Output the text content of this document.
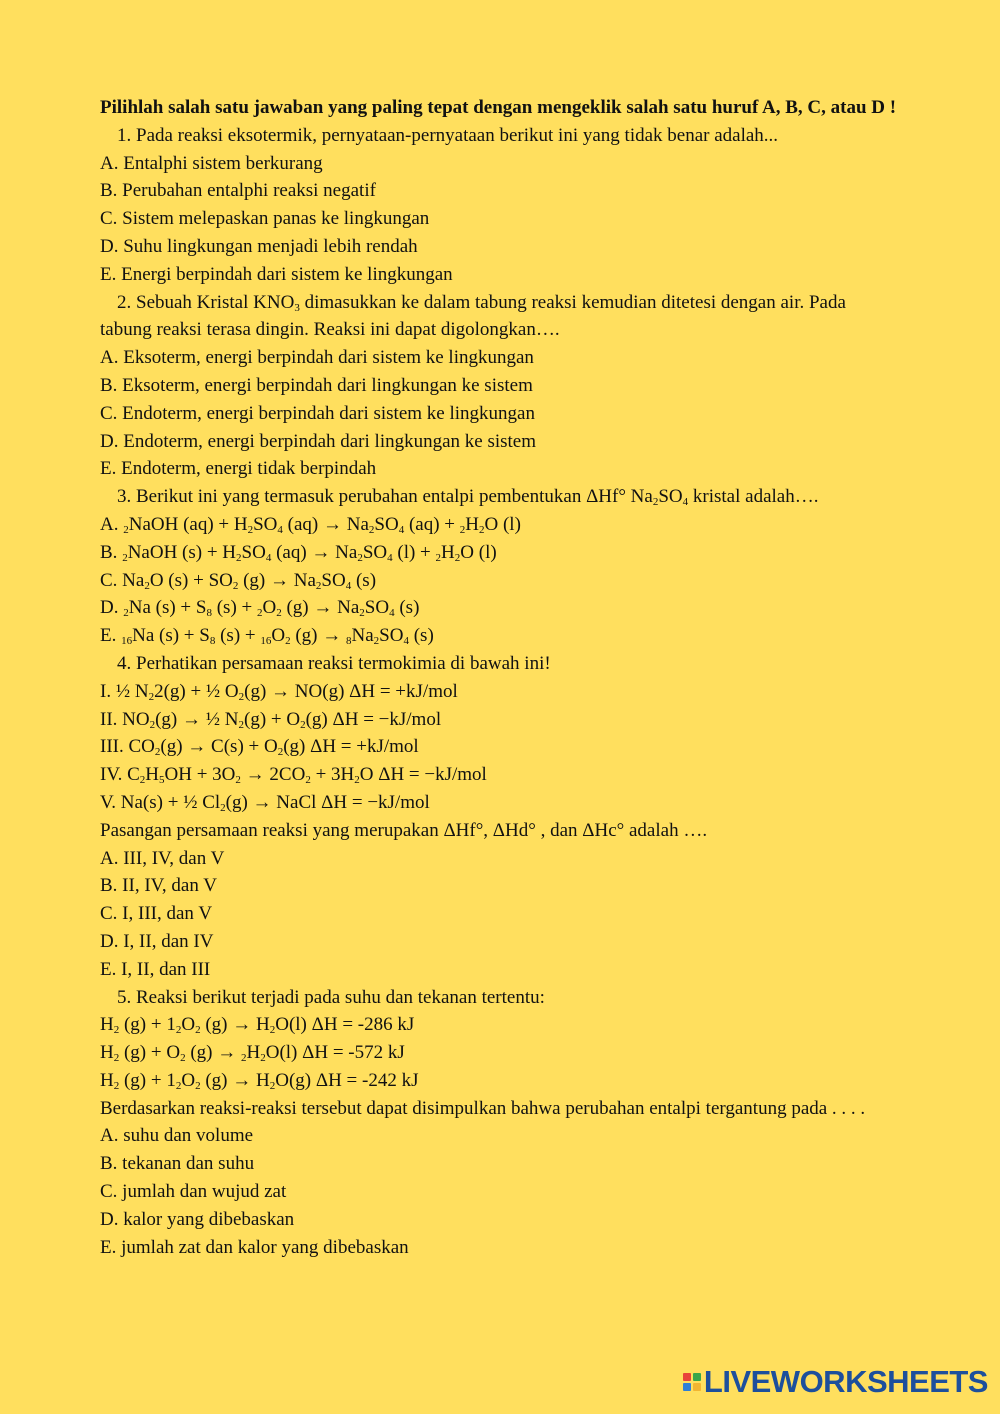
Pilihlah salah satu jawaban yang paling tepat dengan mengeklik salah satu huruf A, B, C, atau D !
1. Pada reaksi eksotermik, pernyataan-pernyataan berikut ini yang tidak benar adalah...
A. Entalphi sistem berkurang
B. Perubahan entalphi reaksi negatif
C. Sistem melepaskan panas ke lingkungan
D. Suhu lingkungan menjadi lebih rendah
E. Energi berpindah dari sistem ke lingkungan
2. Sebuah Kristal $KNO_3$ dimasukkan ke dalam tabung reaksi kemudian ditetesi dengan air. Pada tabung reaksi terasa dingin. Reaksi ini dapat digolongkan….
A. Eksoterm, energi berpindah dari sistem ke lingkungan
B. Eksoterm, energi berpindah dari lingkungan ke sistem
C. Endoterm, energi berpindah dari sistem ke lingkungan
D. Endoterm, energi berpindah dari lingkungan ke sistem
E. Endoterm, energi tidak berpindah
3. Berikut ini yang termasuk perubahan entalpi pembentukan ΔHf° $Na_2SO_4$ kristal adalah….
A. $_2$NaOH $(aq) + H_2SO_4$ $(aq) \to Na_2SO_4$ $(aq) + _2H_2O$ (l)
B. $_2$NaOH $(s) + H_2SO_4$ $(aq) \to Na_2SO_4$ $(l) + _2H_2O$ (l)
C. $Na_2O$ $(s) + SO_2$ $(g) \to Na_2SO_4$ (s)
D. $_2$Na $(s) + S_8$ $(s) + _2O_2$ $(g) \to Na_2SO_4$ (s)
E. $_{16}$Na $(s) + S_8$ $(s) + _{16}O_2$ $(g) \to _8Na_2SO_4$ (s)
4. Perhatikan persamaan reaksi termokimia di bawah ini!
I. ½ $N_22(g)$ + ½ $O_2(g) \to NO(g) \Delta H = +kJ/mol$
II. $NO_2(g)$ → ½ $N_2(g) + O_2(g) \Delta H = -kJ/mol$
III. $CO_2(g) \to C(s) + O_2(g) \Delta H = +kJ/mol$
IV. $C_2H_5OH + 3O_2 \to 2CO_2 + 3H_2O$ ΔH = −kJ/mol
V. Na(s) + ½ $Cl_2(g)$ → NaCl ΔH = −kJ/mol
Pasangan persamaan reaksi yang merupakan ΔHf°, ΔHd° , dan ΔHc° adalah ….
A. III, IV, dan V
B. II, IV, dan V
C. I, III, dan V
D. I, II, dan IV
E. I, II, dan III
5. Reaksi berikut terjadi pada suhu dan tekanan tertentu:
$H_2$ $(g) + 1_2O_2$ $(g) \to H_2O(l) \Delta H = -286$ kJ
$H_2$ $(g) + O_2$ $(g) \to _2H_2O(l) \Delta H = -572$ kJ
$H_2$ $(g) + 1_2O_2$ $(g) \to H_2O(g) \Delta H = -242$ kJ
Berdasarkan reaksi-reaksi tersebut dapat disimpulkan bahwa perubahan entalpi tergantung pada . . . .
A. suhu dan volume
B. tekanan dan suhu
C. jumlah dan wujud zat
D. kalor yang dibebaskan
E. jumlah zat dan kalor yang dibebaskan
LIVEWORKSHEETS
